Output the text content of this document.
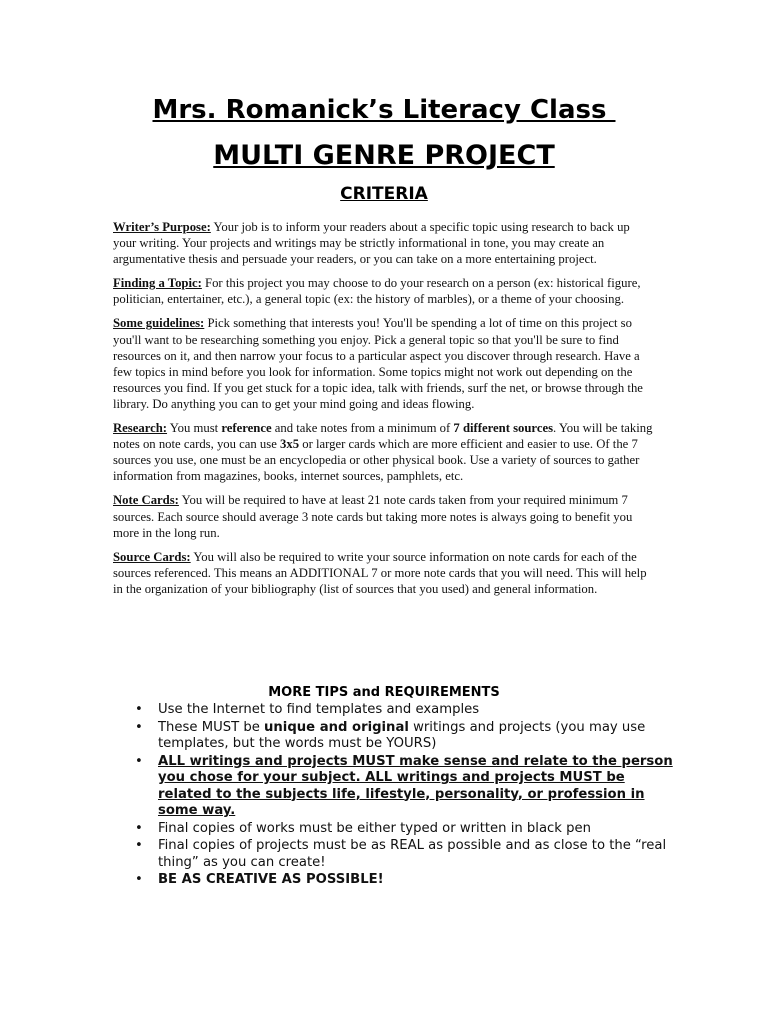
Mrs. Romanick’s Literacy Class
MULTI GENRE PROJECT
CRITERIA

Writer’s Purpose: Your job is to inform your readers about a specific topic using research to back up your writing. Your projects and writings may be strictly informational in tone, you may create an argumentative thesis and persuade your readers, or you can take on a more entertaining project.

Finding a Topic: For this project you may choose to do your research on a person (ex: historical figure, politician, entertainer, etc.), a general topic (ex: the history of marbles), or a theme of your choosing.

Some guidelines: Pick something that interests you! You'll be spending a lot of time on this project so you'll want to be researching something you enjoy. Pick a general topic so that you'll be sure to find resources on it, and then narrow your focus to a particular aspect you discover through research. Have a few topics in mind before you look for information. Some topics might not work out depending on the resources you find. If you get stuck for a topic idea, talk with friends, surf the net, or browse through the library. Do anything you can to get your mind going and ideas flowing.

Research: You must reference and take notes from a minimum of 7 different sources. You will be taking notes on note cards, you can use 3x5 or larger cards which are more efficient and easier to use. Of the 7 sources you use, one must be an encyclopedia or other physical book. Use a variety of sources to gather information from magazines, books, internet sources, pamphlets, etc.

Note Cards: You will be required to have at least 21 note cards taken from your required minimum 7 sources. Each source should average 3 note cards but taking more notes is always going to benefit you more in the long run.

Source Cards: You will also be required to write your source information on note cards for each of the sources referenced. This means an ADDITIONAL 7 or more note cards that you will need. This will help in the organization of your bibliography (list of sources that you used) and general information.

MORE TIPS and REQUIREMENTS
• Use the Internet to find templates and examples
• These MUST be unique and original writings and projects (you may use templates, but the words must be YOURS)
• ALL writings and projects MUST make sense and relate to the person you chose for your subject. ALL writings and projects MUST be related to the subjects life, lifestyle, personality, or profession in some way.
• Final copies of works must be either typed or written in black pen
• Final copies of projects must be as REAL as possible and as close to the “real thing” as you can create!
• BE AS CREATIVE AS POSSIBLE!
